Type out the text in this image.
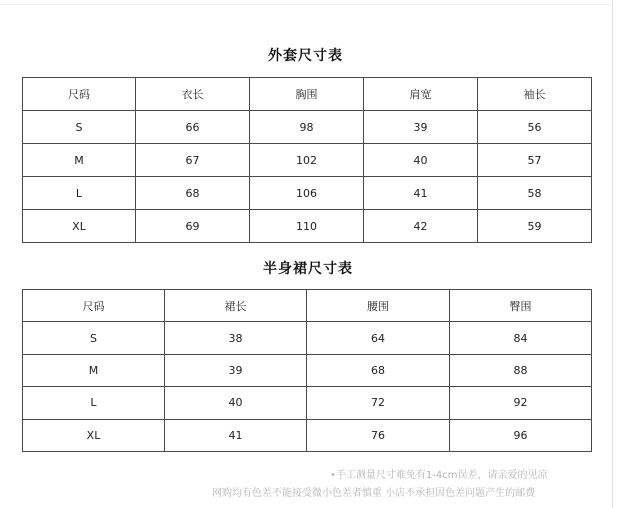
外套尺寸表
尺码	衣长	胸围	肩宽	袖长
S	66	98	39	56
M	67	102	40	57
L	68	106	41	58
XL	69	110	42	59
半身裙尺寸表
尺码	裙长	腰围	臀围
S	38	64	84
M	39	68	88
L	40	72	92
XL	41	76	96
•手工测量尺寸难免有1-4cm误差，请亲爱的见凉
网购均有色差不能接受微小色差者慎重 小店不承担因色差问题产生的邮费
